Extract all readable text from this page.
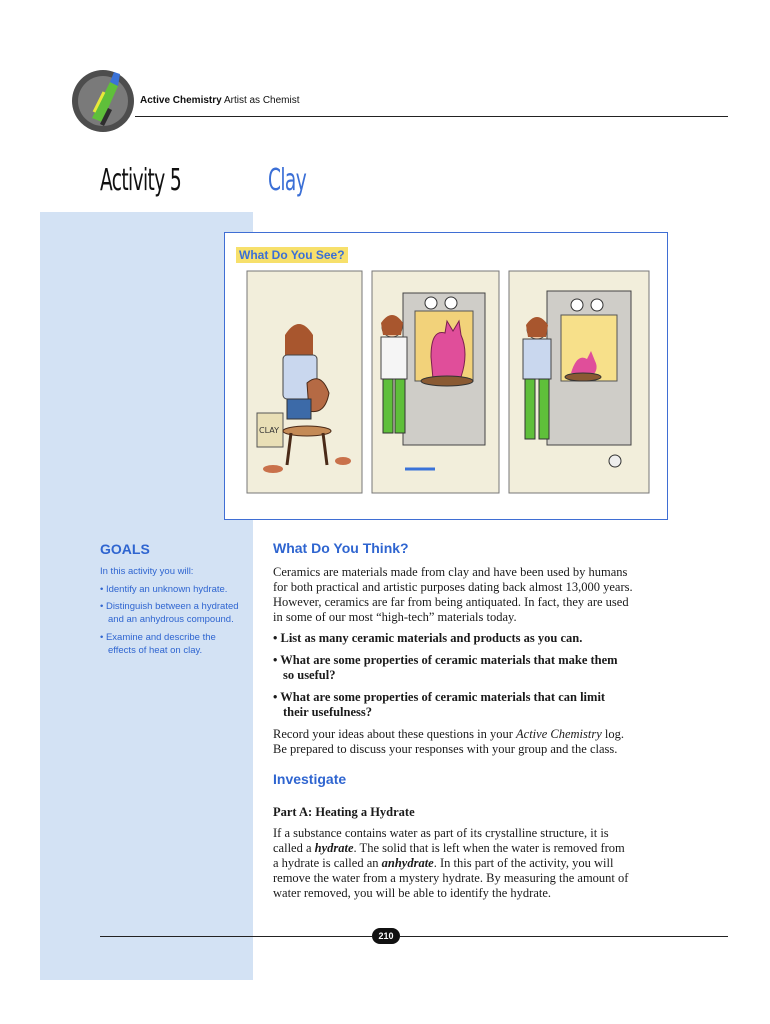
Active Chemistry Artist as Chemist
Activity 5	Clay
CLAY
What Do You See?
GOALS
In this activity you will:
• Identify an unknown hydrate.
• Distinguish between a hydrated
and an anhydrous compound.
• Examine and describe the
effects of heat on clay.
What Do You Think?
Ceramics are materials made from clay and have been used by humans
for both practical and artistic purposes dating back almost 13,000 years.
However, ceramics are far from being antiquated. In fact, they are used
in some of our most “high-tech” materials today.
• List as many ceramic materials and products as you can.
• What are some properties of ceramic materials that make them
so useful?
• What are some properties of ceramic materials that can limit
their usefulness?
Record your ideas about these questions in your Active Chemistry log.
Be prepared to discuss your responses with your group and the class.
Investigate
Part A: Heating a Hydrate
If a substance contains water as part of its crystalline structure, it is
called a hydrate. The solid that is left when the water is removed from
a hydrate is called an anhydrate. In this part of the activity, you will
remove the water from a mystery hydrate. By measuring the amount of
water removed, you will be able to identify the hydrate.
210
